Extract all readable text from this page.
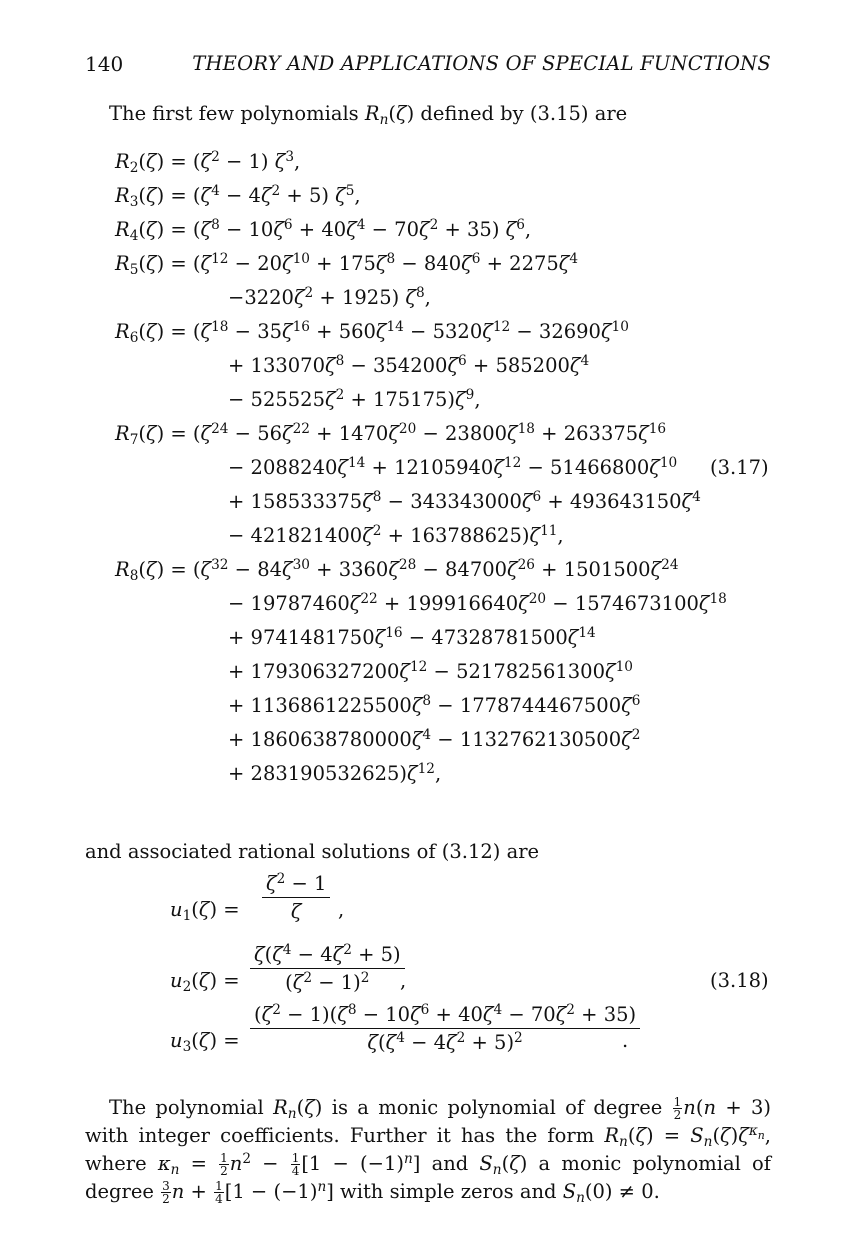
140	THEORY AND APPLICATIONS OF SPECIAL FUNCTIONS
The first few polynomials $R_n(\zeta)$ defined by (3.15) are
$R_2(\zeta) = (\zeta^2 - 1)$ $\zeta^3$,
$R_3(\zeta) = (\zeta^4 - 4\zeta^2 + 5)$ $\zeta^5$,
$R_4(\zeta) = (\zeta^8 - 10\zeta^6 + 40\zeta^4 - 70\zeta^2 + 35)$ $\zeta^6$,
$R_5(\zeta) = (\zeta^{12} - 20\zeta^{10} + 175\zeta^8 - 840\zeta^6 + 2275\zeta^4$
$-3220\zeta^2 + 1925$) $\zeta^8$,
$R_6(\zeta) = (\zeta^{18} - 35\zeta^{16} + 560\zeta^{14} - 5320\zeta^{12} - 32690\zeta^{10}$
+ $133070\zeta^8 - 354200\zeta^6 + 585200\zeta^4$
− $525525\zeta^2 + 175175)\zeta^9$,
$R_7(\zeta) = (\zeta^{24} - 56\zeta^{22} + 1470\zeta^{20} - 23800\zeta^{18} + 263375\zeta^{16}$
− $2088240\zeta^{14} + 12105940\zeta^{12} - 51466800\zeta^{10}$ (3.17)
+ $158533375\zeta^8 - 343343000\zeta^6 + 493643150\zeta^4$
− $421821400\zeta^2 + 163788625)\zeta^{11}$,
$R_8(\zeta) = (\zeta^{32} - 84\zeta^{30} + 3360\zeta^{28} - 84700\zeta^{26} + 1501500\zeta^{24}$
− $19787460\zeta^{22} + 199916640\zeta^{20} - 1574673100\zeta^{18}$
+ $9741481750\zeta^{16} - 47328781500\zeta^{14}$
+ $179306327200\zeta^{12} - 521782561300\zeta^{10}$
+ $1136861225500\zeta^8 - 1778744467500\zeta^6$
+ $1860638780000\zeta^4 - 1132762130500\zeta^2$
+ $283190532625)\zeta^{12}$,
and associated rational solutions of (3.12) are
$u_1(\zeta) = \frac{\zeta^2 - 1}{\zeta}$ ,
$u_2(\zeta) = \frac{\zeta(\zeta^4 - 4\zeta^2 + 5)}{(\zeta^2 - 1)^2}$
,	(3.18)
$u_3(\zeta) = \frac{(\zeta^2 - 1)(\zeta^8 - 10\zeta^6 + 40\zeta^4 - 70\zeta^2 + 35)}{\zeta(\zeta^4 - 4\zeta^2 + 5)^2}$
.
The polynomial $R_n(\zeta)$ is a monic polynomial of degree $\frac{1}{2} n(n + 3)$ with integer coefficients. Further it has the form $R_n(\zeta) = S_n(\zeta)\zeta^{\kappa_n}$, where $\kappa_n = \frac{1}{2} n^2 - \frac{1}{4} [1 - (-1)^n]$ and $S_n(\zeta)$ a monic polynomial of degree $\frac{3}{2}$ $n + \frac{1}{4} [1 - (-1)^n]$ with simple zeros and $S_n(0) \ne 0$.
